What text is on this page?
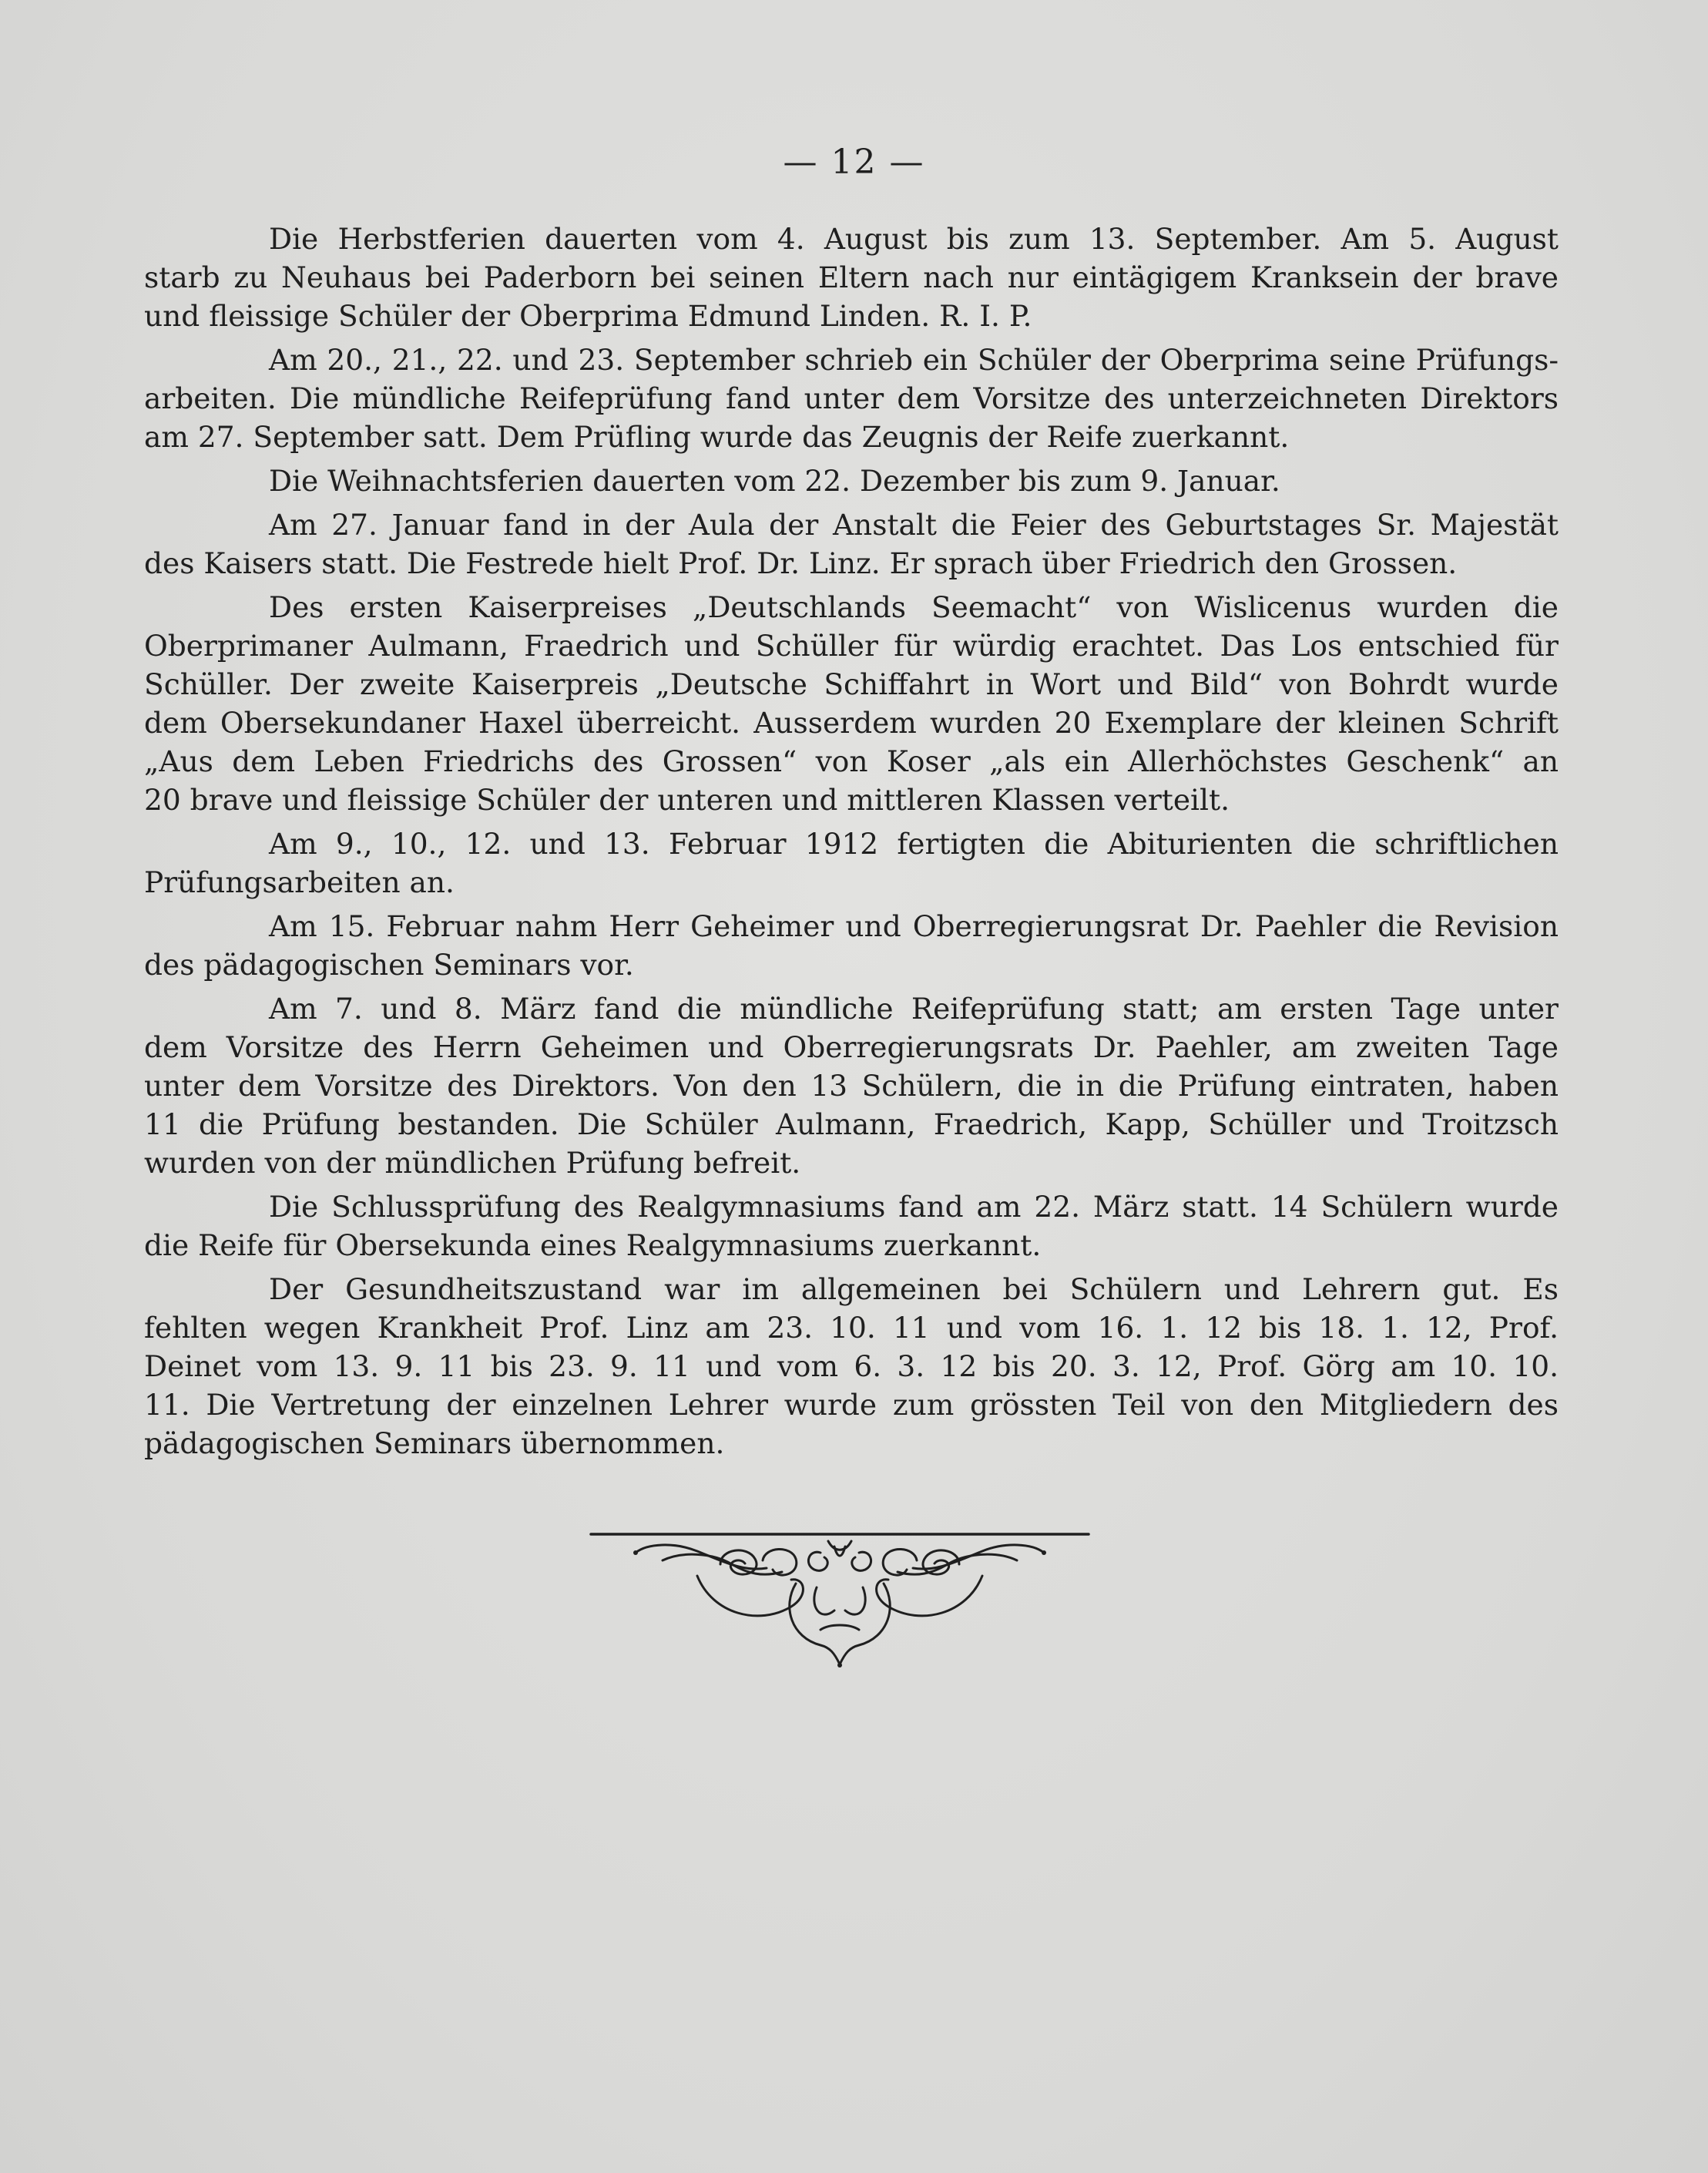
— 12 —
Die Herbstferien dauerten vom 4. August bis zum 13. September. Am 5. August
starb zu Neuhaus bei Paderborn bei seinen Eltern nach nur eintägigem Kranksein der brave
und fleissige Schüler der Oberprima Edmund Linden. R. I. P.
Am 20., 21., 22. und 23. September schrieb ein Schüler der Oberprima seine Prüfungs-
arbeiten. Die mündliche Reifeprüfung fand unter dem Vorsitze des unterzeichneten Direktors
am 27. September satt. Dem Prüfling wurde das Zeugnis der Reife zuerkannt.
Die Weihnachtsferien dauerten vom 22. Dezember bis zum 9. Januar.
Am 27. Januar fand in der Aula der Anstalt die Feier des Geburtstages Sr. Majestät
des Kaisers statt. Die Festrede hielt Prof. Dr. Linz. Er sprach über Friedrich den Grossen.
Des ersten Kaiserpreises „Deutschlands Seemacht“ von Wislicenus wurden die
Oberprimaner Aulmann, Fraedrich und Schüller für würdig erachtet. Das Los entschied für
Schüller. Der zweite Kaiserpreis „Deutsche Schiffahrt in Wort und Bild“ von Bohrdt wurde
dem Obersekundaner Haxel überreicht. Ausserdem wurden 20 Exemplare der kleinen Schrift
„Aus dem Leben Friedrichs des Grossen“ von Koser „als ein Allerhöchstes Geschenk“ an
20 brave und fleissige Schüler der unteren und mittleren Klassen verteilt.
Am 9., 10., 12. und 13. Februar 1912 fertigten die Abiturienten die schriftlichen
Prüfungsarbeiten an.
Am 15. Februar nahm Herr Geheimer und Oberregierungsrat Dr. Paehler die Revision
des pädagogischen Seminars vor.
Am 7. und 8. März fand die mündliche Reifeprüfung statt; am ersten Tage unter
dem Vorsitze des Herrn Geheimen und Oberregierungsrats Dr. Paehler, am zweiten Tage
unter dem Vorsitze des Direktors. Von den 13 Schülern, die in die Prüfung eintraten, haben
11 die Prüfung bestanden. Die Schüler Aulmann, Fraedrich, Kapp, Schüller und Troitzsch
wurden von der mündlichen Prüfung befreit.
Die Schlussprüfung des Realgymnasiums fand am 22. März statt. 14 Schülern wurde
die Reife für Obersekunda eines Realgymnasiums zuerkannt.
Der Gesundheitszustand war im allgemeinen bei Schülern und Lehrern gut. Es
fehlten wegen Krankheit Prof. Linz am 23. 10. 11 und vom 16. 1. 12 bis 18. 1. 12, Prof.
Deinet vom 13. 9. 11 bis 23. 9. 11 und vom 6. 3. 12 bis 20. 3. 12, Prof. Görg am 10. 10.
11. Die Vertretung der einzelnen Lehrer wurde zum grössten Teil von den Mitgliedern des
pädagogischen Seminars übernommen.
